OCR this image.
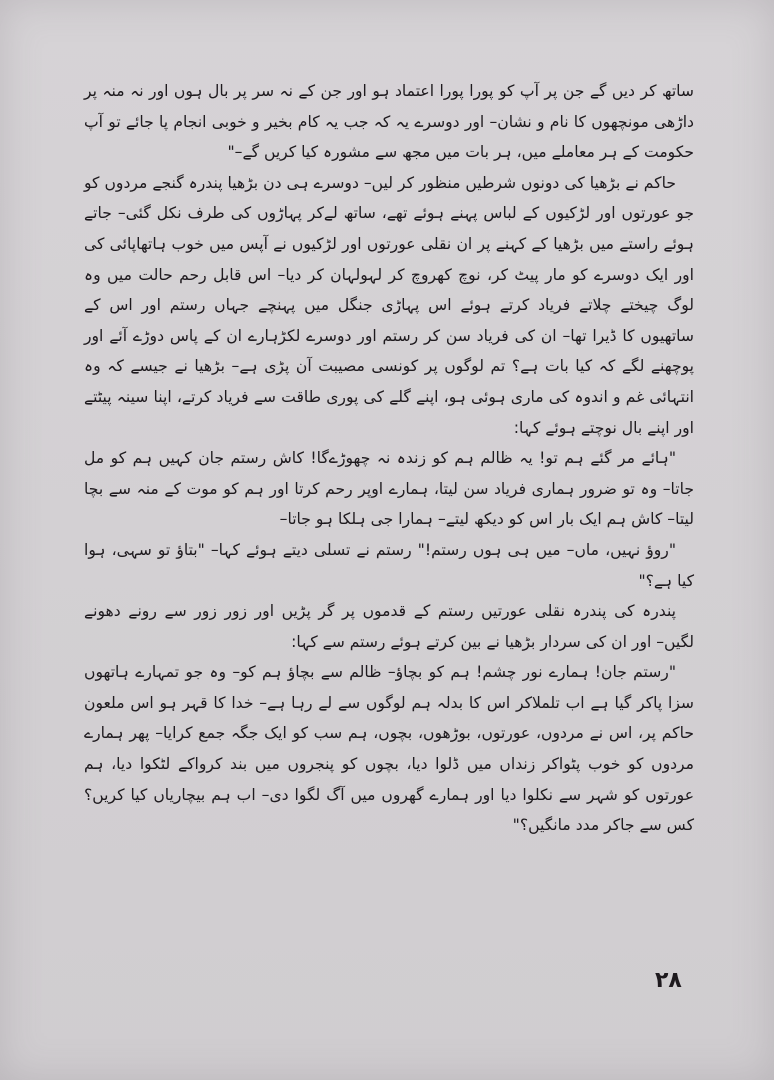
ساتھ کر دیں گے جن پر آپ کو پورا پورا اعتماد ہو اور جن کے نہ سر پر بال ہوں اور نہ منہ پر داڑھی مونچھوں کا نام و نشان– اور دوسرے یہ کہ جب یہ کام بخیر و خوبی انجام پا جائے تو آپ حکومت کے ہر معاملے میں، ہر بات میں مجھ سے مشورہ کیا کریں گے–"

حاکم نے بڑھیا کی دونوں شرطیں منظور کر لیں– دوسرے ہی دن بڑھیا پندرہ گنجے مردوں کو جو عورتوں اور لڑکیوں کے لباس پہنے ہوئے تھے، ساتھ لےکر پہاڑوں کی طرف نکل گئی– جاتے ہوئے راستے میں بڑھیا کے کہنے پر ان نقلی عورتوں اور لڑکیوں نے آپس میں خوب ہاتھاپائی کی اور ایک دوسرے کو مار پیٹ کر، نوچ کھروچ کر لہولہان کر دیا– اس قابل رحم حالت میں وہ لوگ چیختے چلاتے فریاد کرتے ہوئے اس پہاڑی جنگل میں پہنچے جہاں رستم اور اس کے ساتھیوں کا ڈیرا تھا– ان کی فریاد سن کر رستم اور دوسرے لکڑہارے ان کے پاس دوڑے آئے اور پوچھنے لگے کہ کیا بات ہے؟ تم لوگوں پر کونسی مصیبت آن پڑی ہے– بڑھیا نے جیسے کہ وہ انتہائی غم و اندوہ کی ماری ہوئی ہو، اپنے گلے کی پوری طاقت سے فریاد کرتے، اپنا سینہ پیٹتے اور اپنے بال نوچتے ہوئے کہا:

"ہائے مر گئے ہم تو! یہ ظالم ہم کو زندہ نہ چھوڑےگا! کاش رستم جان کہیں ہم کو مل جاتا– وہ تو ضرور ہماری فریاد سن لیتا، ہمارے اوپر رحم کرتا اور ہم کو موت کے منہ سے بچا لیتا– کاش ہم ایک بار اس کو دیکھ لیتے– ہمارا جی ہلکا ہو جاتا–

"روؤ نہیں، ماں– میں ہی ہوں رستم!" رستم نے تسلی دیتے ہوئے کہا– "بتاؤ تو سہی، ہوا کیا ہے؟"

پندرہ کی پندرہ نقلی عورتیں رستم کے قدموں پر گر پڑیں اور زور زور سے رونے دھونے لگیں– اور ان کی سردار بڑھیا نے بین کرتے ہوئے رستم سے کہا:

"رستم جان! ہمارے نور چشم! ہم کو بچاؤ– ظالم سے بچاؤ ہم کو– وہ جو تمہارے ہاتھوں سزا پاکر گیا ہے اب تلملاکر اس کا بدلہ ہم لوگوں سے لے رہا ہے– خدا کا قہر ہو اس ملعون حاکم پر، اس نے مردوں، عورتوں، بوڑھوں، بچوں، ہم سب کو ایک جگہ جمع کرایا– پھر ہمارے مردوں کو خوب پٹواکر زنداں میں ڈلوا دیا، بچوں کو پنجروں میں بند کرواکے لٹکوا دیا، ہم عورتوں کو شہر سے نکلوا دیا اور ہمارے گھروں میں آگ لگوا دی– اب ہم بیچاریاں کیا کریں؟ کس سے جاکر مدد مانگیں؟"

۲۸
